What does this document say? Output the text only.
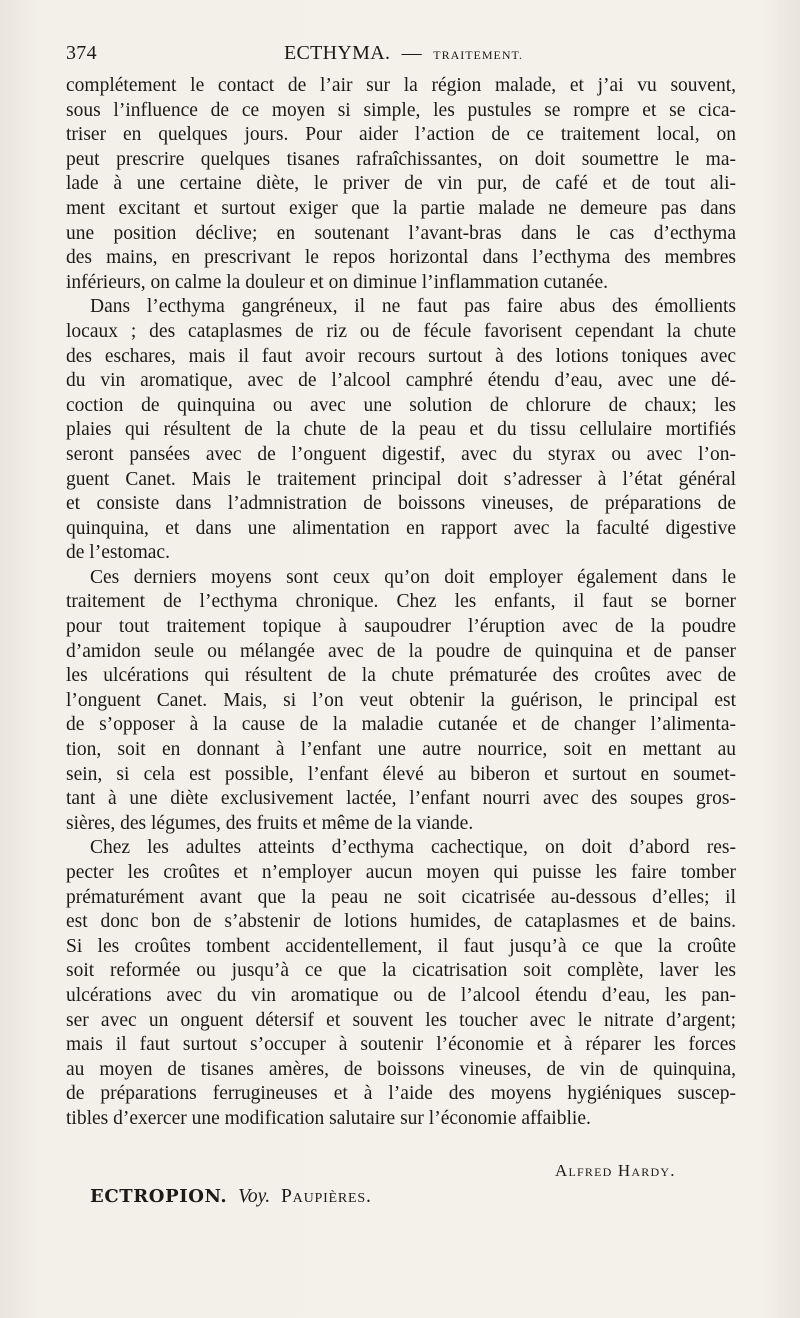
374	ECTHYMA. — TRAITEMENT.
complétement le contact de l’air sur la région malade, et j’ai vu souvent,
sous l’influence de ce moyen si simple, les pustules se rompre et se cica-
triser en quelques jours. Pour aider l’action de ce traitement local, on
peut prescrire quelques tisanes rafraîchissantes, on doit soumettre le ma-
lade à une certaine diète, le priver de vin pur, de café et de tout ali-
ment excitant et surtout exiger que la partie malade ne demeure pas dans
une position déclive; en soutenant l’avant-bras dans le cas d’ecthyma
des mains, en prescrivant le repos horizontal dans l’ecthyma des membres
inférieurs, on calme la douleur et on diminue l’inflammation cutanée.
Dans l’ecthyma gangréneux, il ne faut pas faire abus des émollients
locaux ; des cataplasmes de riz ou de fécule favorisent cependant la chute
des eschares, mais il faut avoir recours surtout à des lotions toniques avec
du vin aromatique, avec de l’alcool camphré étendu d’eau, avec une dé-
coction de quinquina ou avec une solution de chlorure de chaux; les
plaies qui résultent de la chute de la peau et du tissu cellulaire mortifiés
seront pansées avec de l’onguent digestif, avec du styrax ou avec l’on-
guent Canet. Mais le traitement principal doit s’adresser à l’état général
et consiste dans l’admnistration de boissons vineuses, de préparations de
quinquina, et dans une alimentation en rapport avec la faculté digestive
de l’estomac.
Ces derniers moyens sont ceux qu’on doit employer également dans le
traitement de l’ecthyma chronique. Chez les enfants, il faut se borner
pour tout traitement topique à saupoudrer l’éruption avec de la poudre
d’amidon seule ou mélangée avec de la poudre de quinquina et de panser
les ulcérations qui résultent de la chute prématurée des croûtes avec de
l’onguent Canet. Mais, si l’on veut obtenir la guérison, le principal est
de s’opposer à la cause de la maladie cutanée et de changer l’alimenta-
tion, soit en donnant à l’enfant une autre nourrice, soit en mettant au
sein, si cela est possible, l’enfant élevé au biberon et surtout en soumet-
tant à une diète exclusivement lactée, l’enfant nourri avec des soupes gros-
sières, des légumes, des fruits et même de la viande.
Chez les adultes atteints d’ecthyma cachectique, on doit d’abord res-
pecter les croûtes et n’employer aucun moyen qui puisse les faire tomber
prématurément avant que la peau ne soit cicatrisée au-dessous d’elles; il
est donc bon de s’abstenir de lotions humides, de cataplasmes et de bains.
Si les croûtes tombent accidentellement, il faut jusqu’à ce que la croûte
soit reformée ou jusqu’à ce que la cicatrisation soit complète, laver les
ulcérations avec du vin aromatique ou de l’alcool étendu d’eau, les pan-
ser avec un onguent détersif et souvent les toucher avec le nitrate d’argent;
mais il faut surtout s’occuper à soutenir l’économie et à réparer les forces
au moyen de tisanes amères, de boissons vineuses, de vin de quinquina,
de préparations ferrugineuses et à l’aide des moyens hygiéniques suscep-
tibles d’exercer une modification salutaire sur l’économie affaiblie.
Alfred Hardy.
ECTROPION. Voy. Paupières.
